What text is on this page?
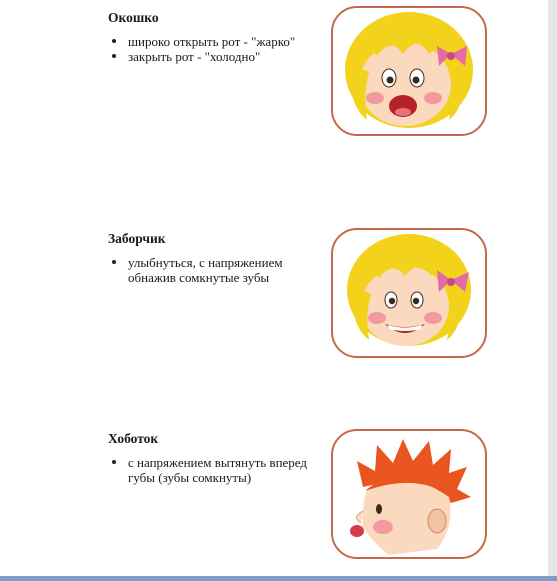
Окошко

широко открыть рот - "жарко"
закрыть рот - "холодно"

Заборчик

улыбнуться, с напряжением обнажив сомкнутые зубы

Хоботок

с напряжением вытянуть вперед губы (зубы сомкнуты)
